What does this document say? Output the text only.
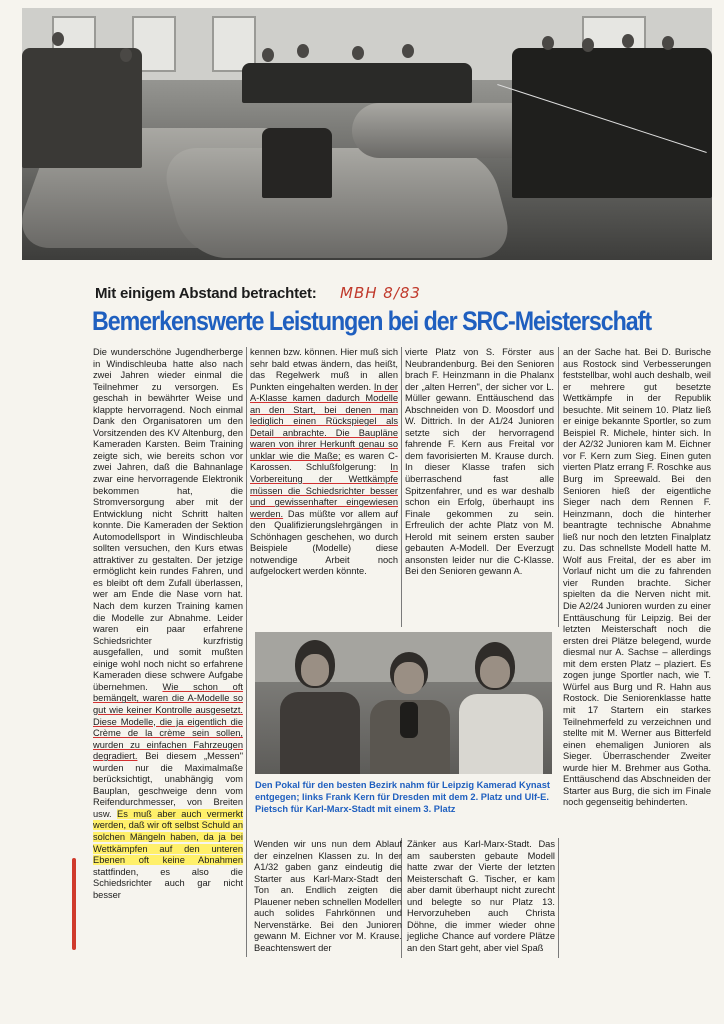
Mit einigem Abstand betrachtet: MBH 8/83
Bemerkenswerte Leistungen bei der SRC-Meisterschaft

Die wunderschöne Jugendherberge in Windischleuba hatte also nach zwei Jahren wieder einmal die Teilnehmer zu versorgen. Es geschah in bewährter Weise und klappte hervorragend. Noch einmal Dank den Organisatoren um den Vorsitzenden des KV Altenburg, den Kameraden Karsten. Beim Training zeigte sich, wie bereits schon vor zwei Jahren, daß die Bahnanlage zwar eine hervorragende Elektronik bekommen hat, die Stromversorgung aber mit der Entwicklung nicht Schritt halten konnte. Die Kameraden der Sektion Automodellsport in Windischleuba sollten versuchen, den Kurs etwas attraktiver zu gestalten. Der jetzige ermöglicht kein rundes Fahren, und es bleibt oft dem Zufall überlassen, wer am Ende die Nase vorn hat. Nach dem kurzen Training kamen die Modelle zur Abnahme. Leider waren ein paar erfahrene Schiedsrichter kurzfristig ausgefallen, und somit mußten einige wohl noch nicht so erfahrene Kameraden diese schwere Aufgabe übernehmen. Wie schon oft bemängelt, waren die A-Modelle so gut wie keiner Kontrolle ausgesetzt. Diese Modelle, die ja eigentlich die Crème de la crème sein sollen, wurden zu einfachen Fahrzeugen degradiert. Bei diesem „Messen" wurden nur die Maximalmaße berücksichtigt, unabhängig vom Bauplan, geschweige denn vom Reifendurchmesser, von Breiten usw. Es muß aber auch vermerkt werden, daß wir oft selbst Schuld an solchen Mängeln haben, da ja bei Wettkämpfen auf den unteren Ebenen oft keine Abnahmen stattfinden, es also die Schiedsrichter auch gar nicht besser

kennen bzw. können. Hier muß sich sehr bald etwas ändern, das heißt, das Regelwerk muß in allen Punkten eingehalten werden. In der A-Klasse kamen dadurch Modelle an den Start, bei denen man lediglich einen Rückspiegel als Detail anbrachte. Die Baupläne waren von ihrer Herkunft genau so unklar wie die Maße; es waren C-Karossen. Schlußfolgerung: In Vorbereitung der Wettkämpfe müssen die Schiedsrichter besser und gewissenhafter eingewiesen werden. Das müßte vor allem auf den Qualifizierungslehrgängen in Schönhagen geschehen, wo durch Beispiele (Modelle) diese notwendige Arbeit noch aufgelockert werden könnte.

vierte Platz von S. Förster aus Neubrandenburg. Bei den Senioren brach F. Heinzmann in die Phalanx der „alten Herren", der sicher vor L. Müller gewann. Enttäuschend das Abschneiden von D. Moosdorf und W. Dittrich. In der A1/24 Junioren setzte sich der hervorragend fahrende F. Kern aus Freital vor dem favorisierten M. Krause durch. In dieser Klasse trafen sich überraschend fast alle Spitzenfahrer, und es war deshalb schon ein Erfolg, überhaupt ins Finale gekommen zu sein. Erfreulich der achte Platz von M. Herold mit seinem ersten sauber gebauten A-Modell. Der Everzugt ansonsten leider nur die C-Klasse. Bei den Senioren gewann A.

an der Sache hat. Bei D. Burische aus Rostock sind Verbesserungen feststellbar, wohl auch deshalb, weil er mehrere gut besetzte Wettkämpfe in der Republik besuchte. Mit seinem 10. Platz ließ er einige bekannte Sportler, so zum Beispiel R. Michele, hinter sich. In der A2/32 Junioren kam M. Eichner vor F. Kern zum Sieg. Einen guten vierten Platz errang F. Roschke aus Burg im Spreewald. Bei den Senioren hieß der eigentliche Sieger nach dem Rennen F. Heinzmann, doch die hinterher beantragte technische Abnahme ließ nur noch den letzten Finalplatz zu. Das schnellste Modell hatte M. Wolf aus Freital, der es aber im Vorlauf nicht um die zu fahrenden vier Runden brachte. Sicher spielten da die Nerven nicht mit. Die A2/24 Junioren wurden zu einer Enttäuschung für Leipzig. Bei der letzten Meisterschaft noch die ersten drei Plätze belegend, wurde diesmal nur A. Sachse – allerdings mit dem ersten Platz – plaziert. Es zogen junge Sportler nach, wie T. Würfel aus Burg und R. Hahn aus Rostock. Die Seniorenklasse hatte mit 17 Startern ein starkes Teilnehmerfeld zu verzeichnen und stellte mit M. Werner aus Bitterfeld einen ehemaligen Junioren als Sieger. Überraschender Zweiter wurde hier M. Brehmer aus Gotha. Enttäuschend das Abschneiden der Starter aus Burg, die sich im Finale noch gegenseitig behinderten.

Den Pokal für den besten Bezirk nahm für Leipzig Kamerad Kynast entgegen; links Frank Kern für Dresden mit dem 2. Platz und Ulf-E. Pietsch für Karl-Marx-Stadt mit einem 3. Platz

Wenden wir uns nun dem Ablauf der einzelnen Klassen zu. In der A1/32 gaben ganz eindeutig die Starter aus Karl-Marx-Stadt den Ton an. Endlich zeigten die Plauener neben schnellen Modellen auch solides Fahrkönnen und Nervenstärke. Bei den Junioren gewann M. Eichner vor M. Krause. Beachtenswert der

Zänker aus Karl-Marx-Stadt. Das am saubersten gebaute Modell hatte zwar der Vierte der letzten Meisterschaft G. Tischer, er kam aber damit überhaupt nicht zurecht und belegte so nur Platz 13. Hervorzuheben auch Christa Döhne, die immer wieder ohne jegliche Chance auf vordere Plätze an den Start geht, aber viel Spaß
